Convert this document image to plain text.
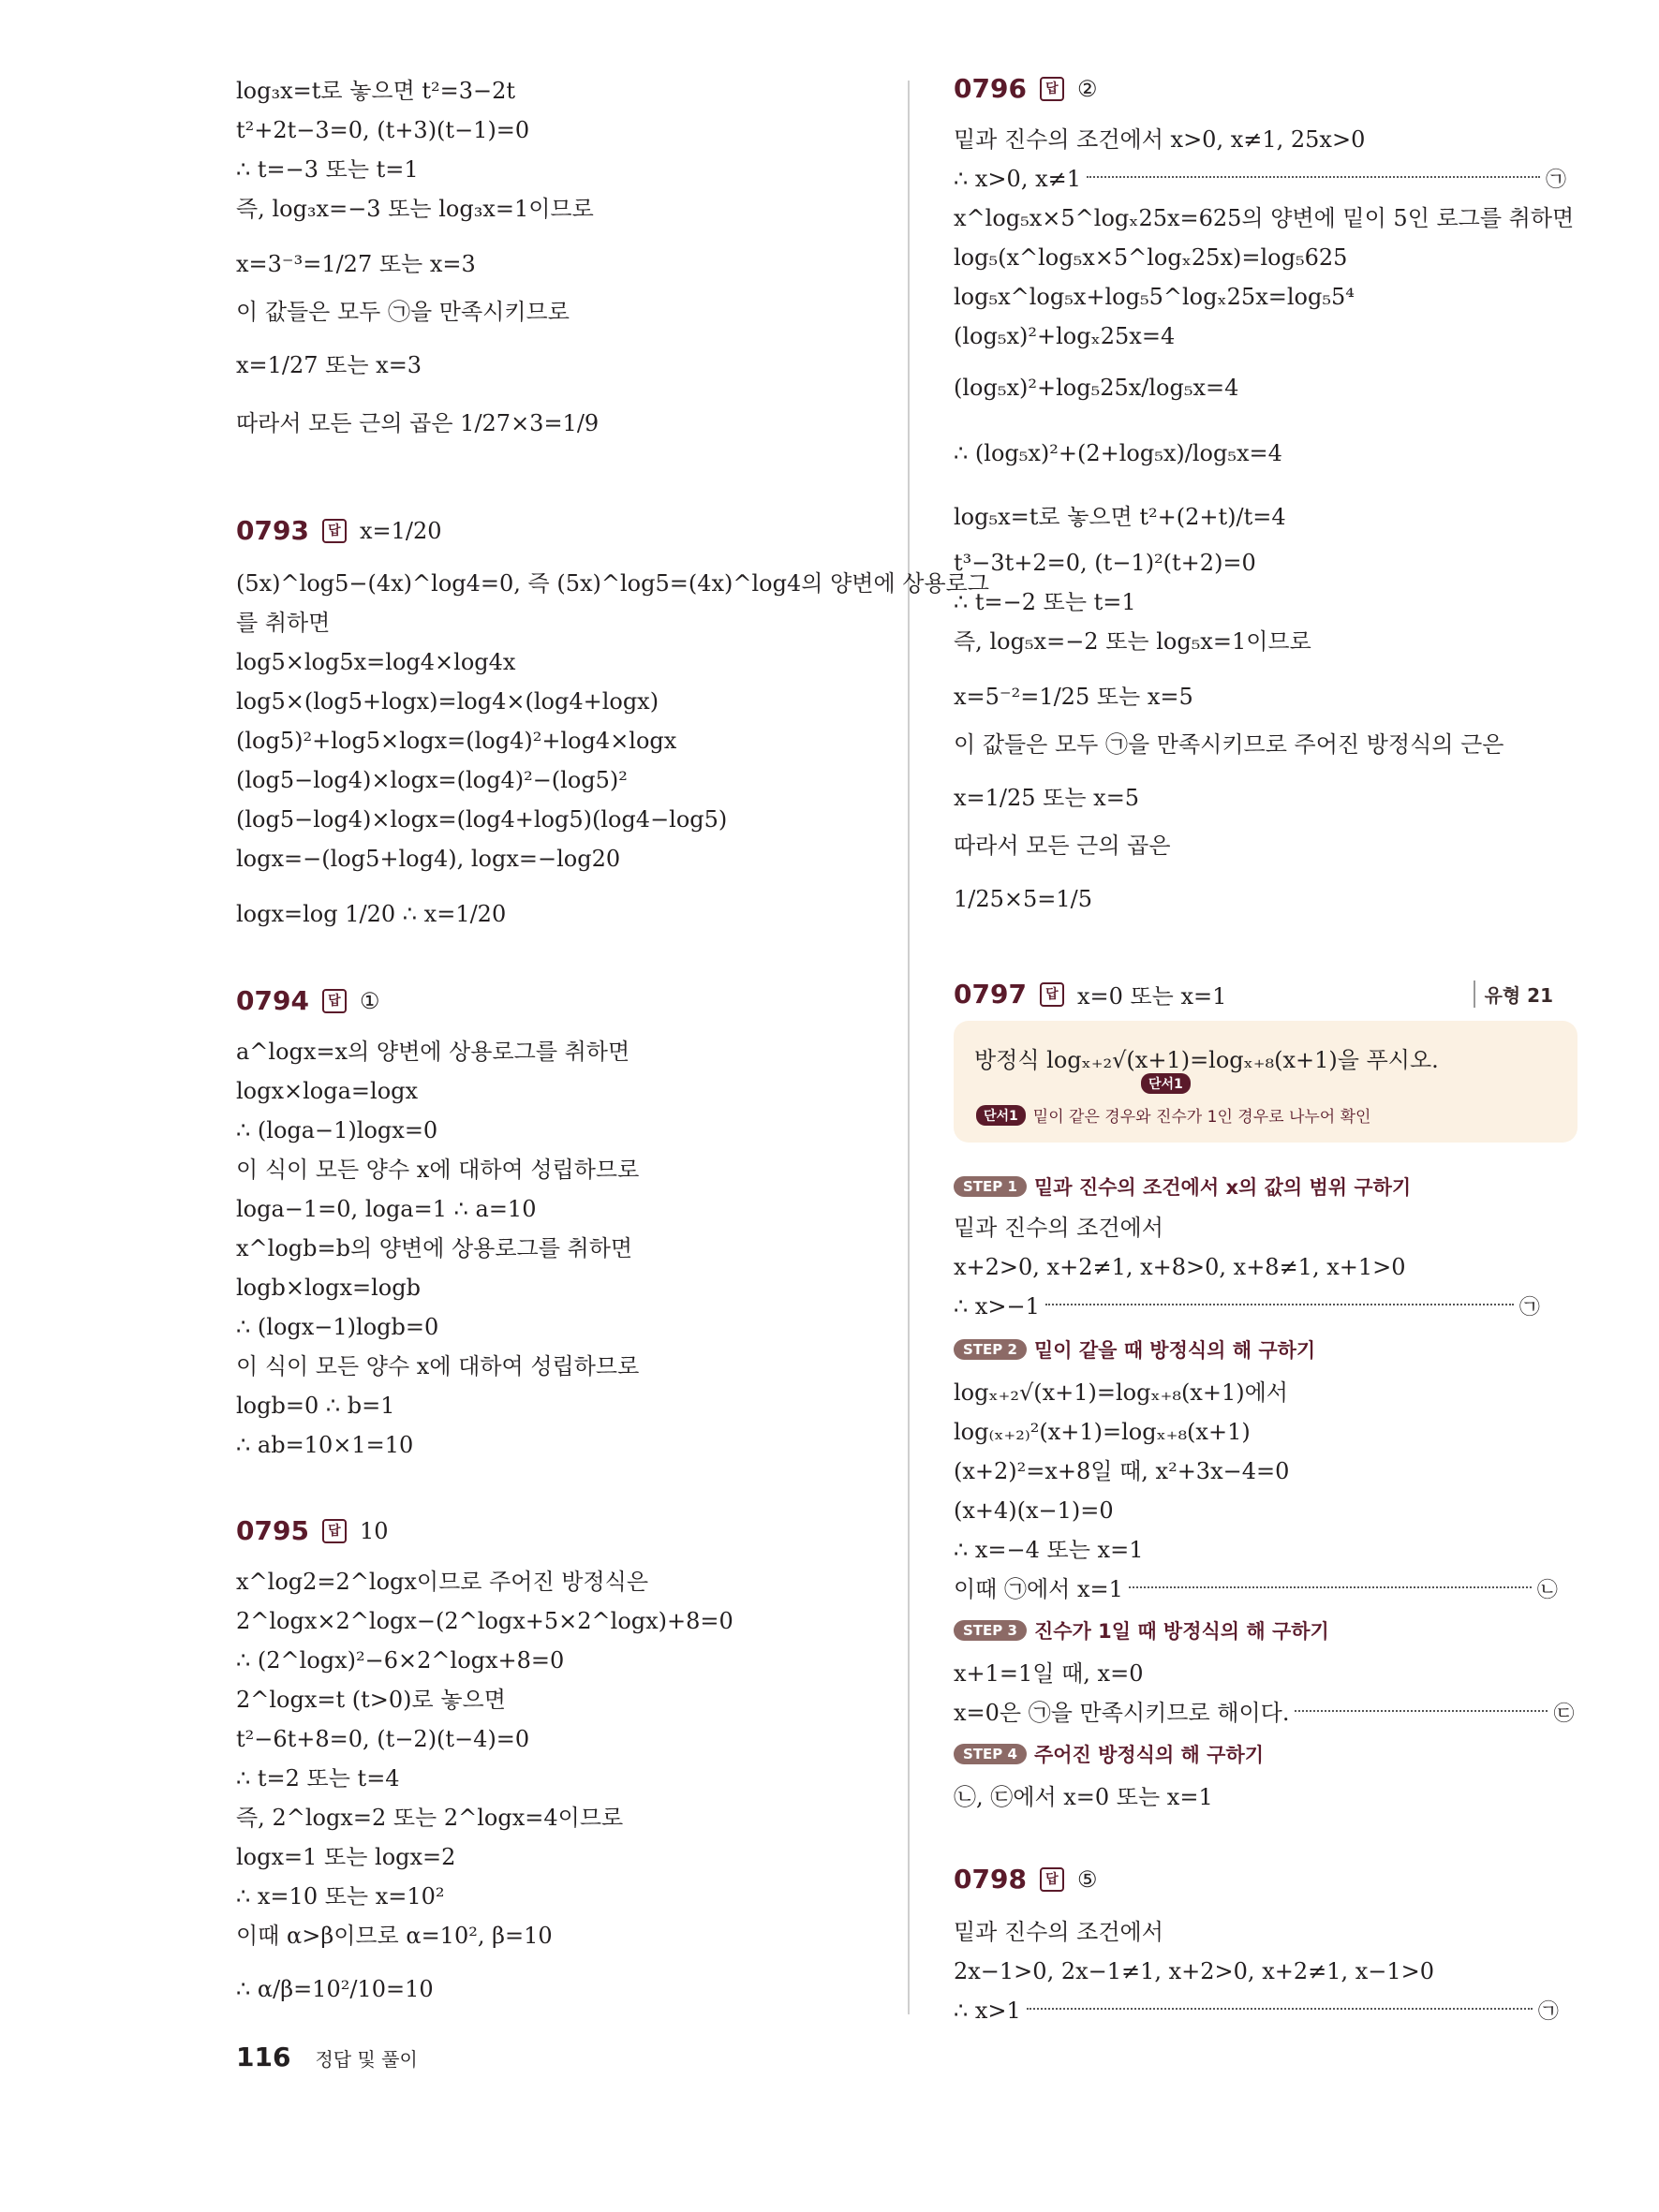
log₃x=t로 놓으면 t²=3−2t
t²+2t−3=0, (t+3)(t−1)=0
∴ t=−3 또는 t=1
즉, log₃x=−3 또는 log₃x=1이므로
x=3⁻³=1/27 또는 x=3
이 값들은 모두 ㉠을 만족시키므로
x=1/27 또는 x=3
따라서 모든 근의 곱은 1/27×3=1/9
0793	답 x=1/20
(5x)^log5−(4x)^log4=0, 즉 (5x)^log5=(4x)^log4의 양변에 상용로그
를 취하면
log5×log5x=log4×log4x
log5×(log5+logx)=log4×(log4+logx)
(log5)²+log5×logx=(log4)²+log4×logx
(log5−log4)×logx=(log4)²−(log5)²
(log5−log4)×logx=(log4+log5)(log4−log5)
logx=−(log5+log4), logx=−log20
logx=log 1/20 ∴ x=1/20
0794	답 ①
a^logx=x의 양변에 상용로그를 취하면
logx×loga=logx
∴ (loga−1)logx=0
이 식이 모든 양수 x에 대하여 성립하므로
loga−1=0, loga=1 ∴ a=10
x^logb=b의 양변에 상용로그를 취하면
logb×logx=logb
∴ (logx−1)logb=0
이 식이 모든 양수 x에 대하여 성립하므로
logb=0 ∴ b=1
∴ ab=10×1=10
0795	답 10
x^log2=2^logx이므로 주어진 방정식은
2^logx×2^logx−(2^logx+5×2^logx)+8=0
∴ (2^logx)²−6×2^logx+8=0
2^logx=t (t>0)로 놓으면
t²−6t+8=0, (t−2)(t−4)=0
∴ t=2 또는 t=4
즉, 2^logx=2 또는 2^logx=4이므로
logx=1 또는 logx=2
∴ x=10 또는 x=10²
이때 α>β이므로 α=10², β=10
∴ α/β=10²/10=10
0796	답 ②
밑과 진수의 조건에서 x>0, x≠1, 25x>0
∴ x>0, x≠1	㉠
x^log₅x×5^logₓ25x=625의 양변에 밑이 5인 로그를 취하면
log₅(x^log₅x×5^logₓ25x)=log₅625
log₅x^log₅x+log₅5^logₓ25x=log₅5⁴
(log₅x)²+logₓ25x=4
(log₅x)²+log₅25x/log₅x=4
∴ (log₅x)²+(2+log₅x)/log₅x=4
log₅x=t로 놓으면 t²+(2+t)/t=4
t³−3t+2=0, (t−1)²(t+2)=0
∴ t=−2 또는 t=1
즉, log₅x=−2 또는 log₅x=1이므로
x=5⁻²=1/25 또는 x=5
이 값들은 모두 ㉠을 만족시키므로 주어진 방정식의 근은
x=1/25 또는 x=5
따라서 모든 근의 곱은
1/25×5=1/5
0797	답 x=0 또는 x=1	유형 21
방정식 logₓ₊₂√(x+1)=logₓ₊₈(x+1)을 푸시오.
단서1
단서1 밑이 같은 경우와 진수가 1인 경우로 나누어 확인
STEP 1 밑과 진수의 조건에서 x의 값의 범위 구하기
밑과 진수의 조건에서
x+2>0, x+2≠1, x+8>0, x+8≠1, x+1>0
∴ x>−1	㉠
STEP 2 밑이 같을 때 방정식의 해 구하기
logₓ₊₂√(x+1)=logₓ₊₈(x+1)에서
log₍ₓ₊₂₎²(x+1)=logₓ₊₈(x+1)
(x+2)²=x+8일 때, x²+3x−4=0
(x+4)(x−1)=0
∴ x=−4 또는 x=1
이때 ㉠에서 x=1	㉡
STEP 3 진수가 1일 때 방정식의 해 구하기
x+1=1일 때, x=0
x=0은 ㉠을 만족시키므로 해이다.	㉢
STEP 4 주어진 방정식의 해 구하기
㉡, ㉢에서 x=0 또는 x=1
0798	답 ⑤
밑과 진수의 조건에서
2x−1>0, 2x−1≠1, x+2>0, x+2≠1, x−1>0
∴ x>1	㉠
116 정답 및 풀이
